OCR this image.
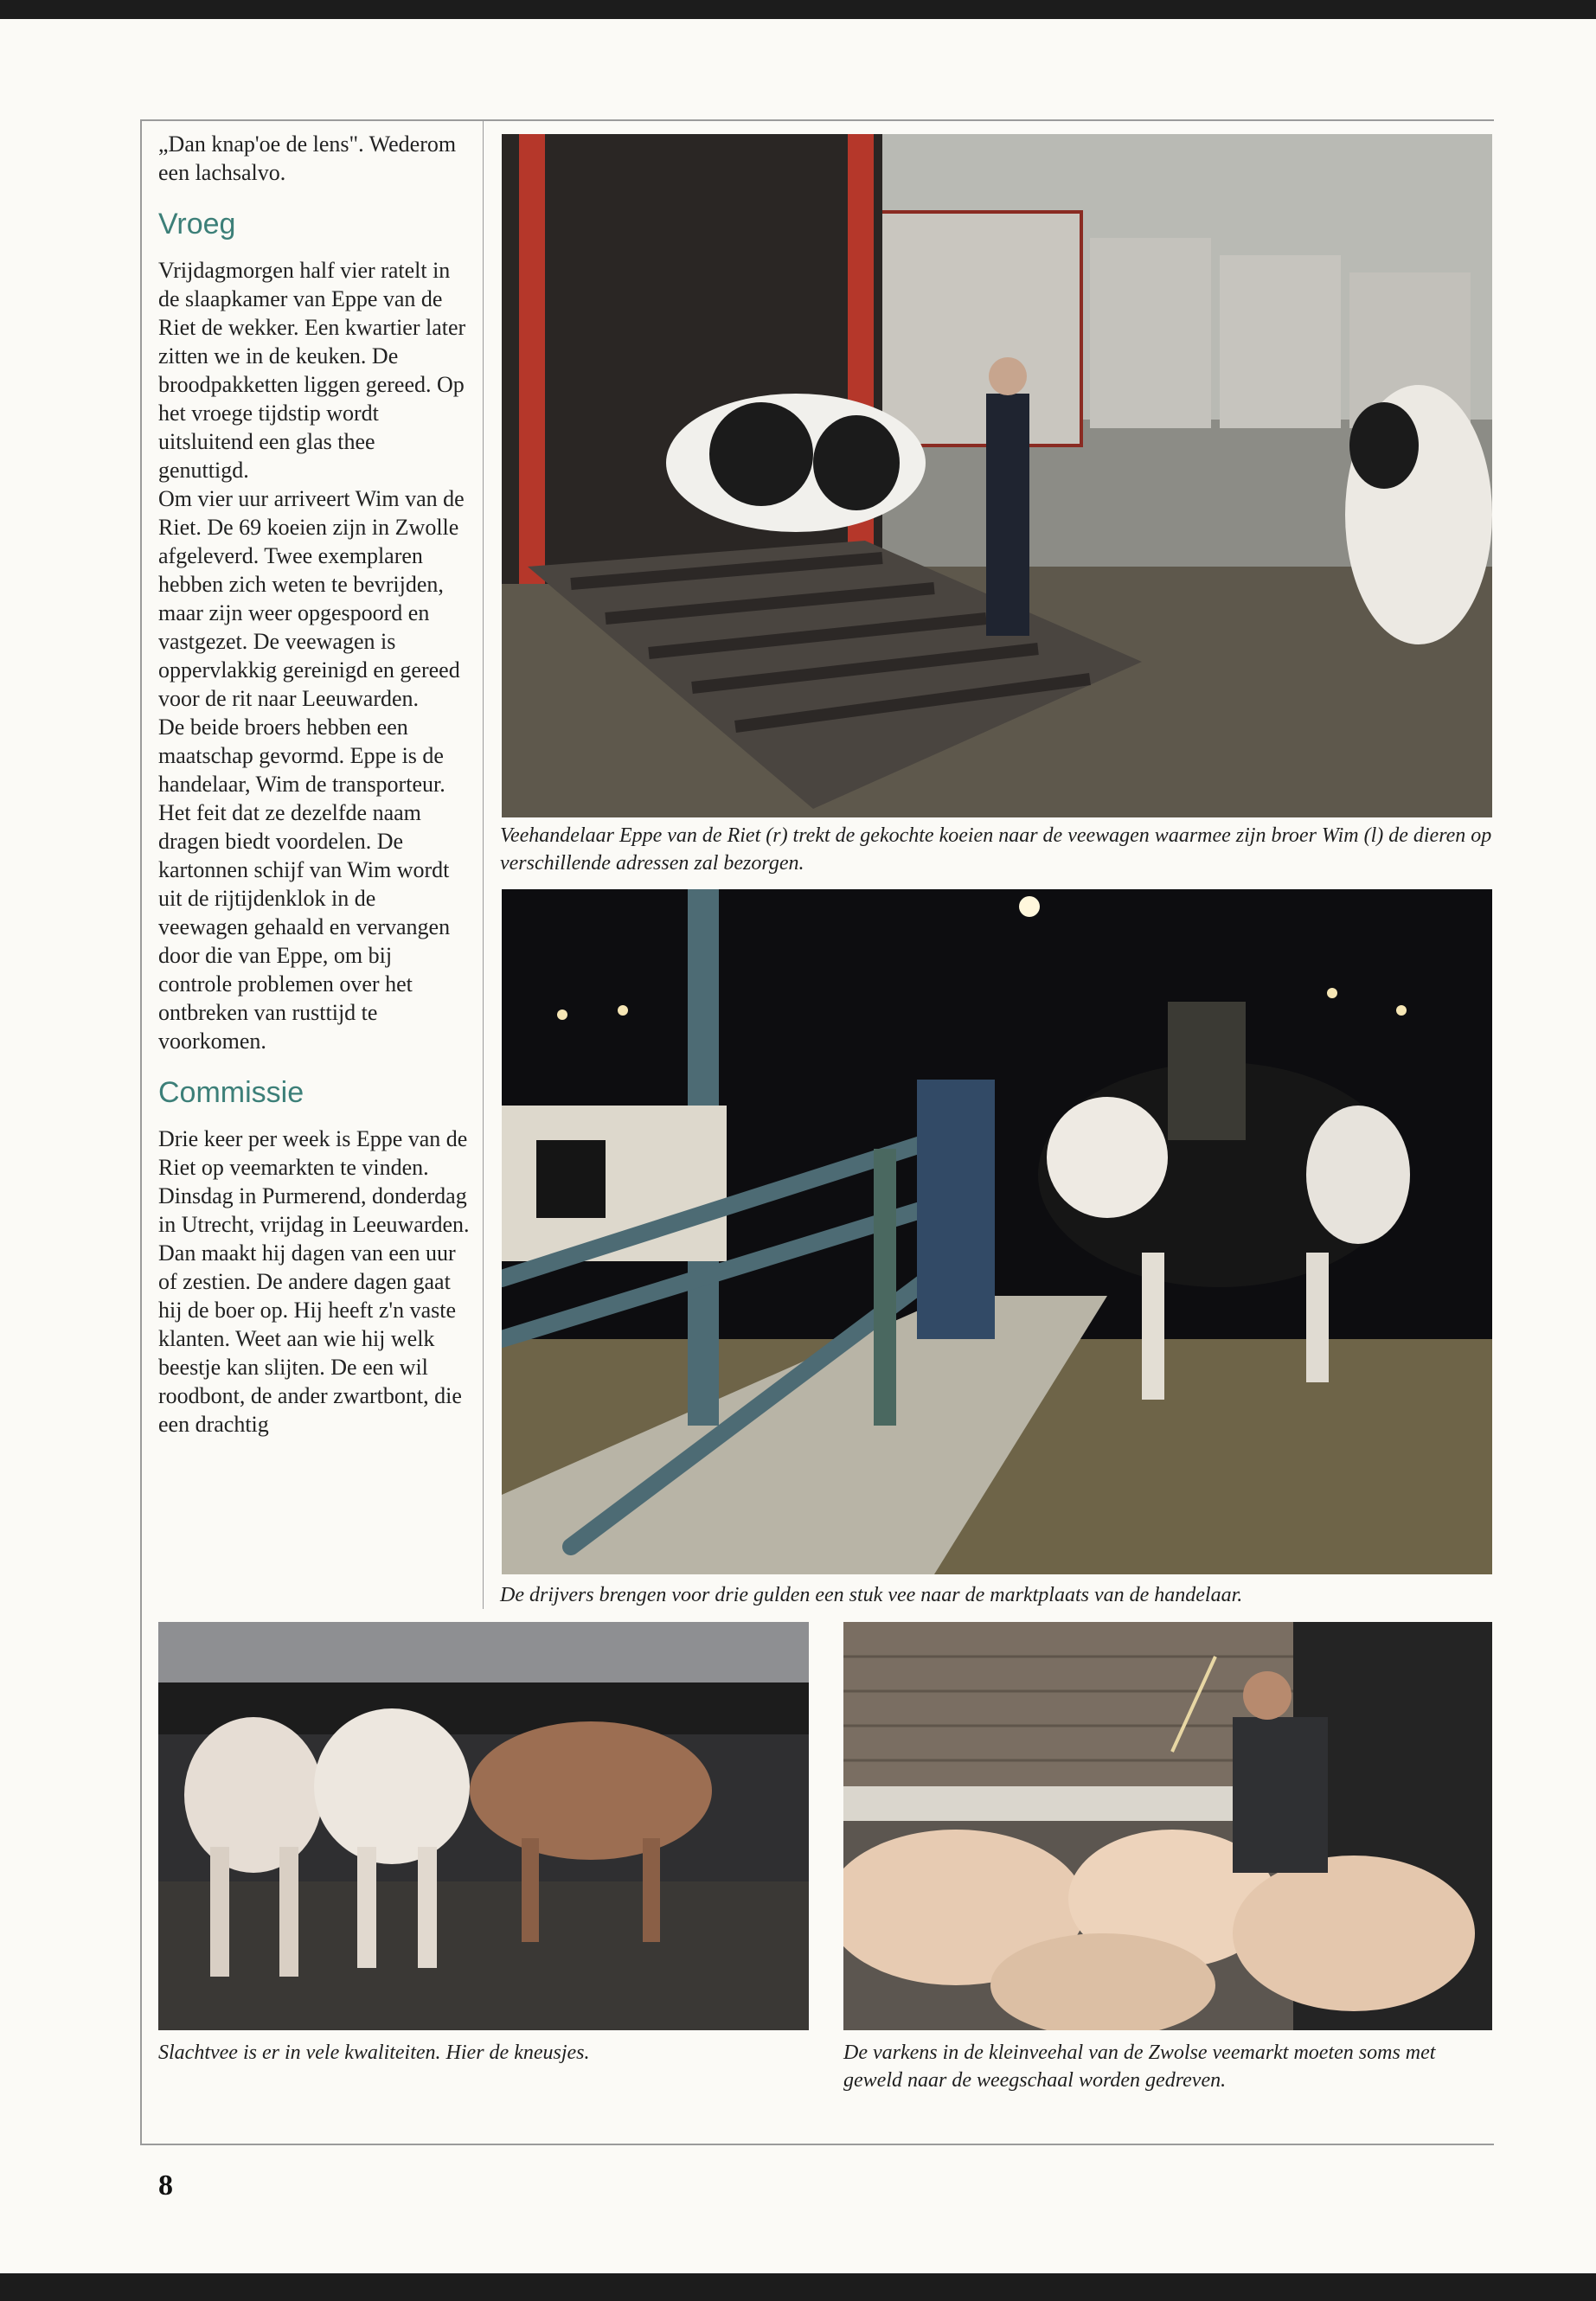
„Dan knap'oe de lens". Wederom een lachsalvo.

Vroeg

Vrijdagmorgen half vier ratelt in de slaapkamer van Eppe van de Riet de wekker. Een kwartier later zitten we in de keuken. De broodpakketten liggen gereed. Op het vroege tijdstip wordt uitsluitend een glas thee genuttigd.

Om vier uur arriveert Wim van de Riet. De 69 koeien zijn in Zwolle afgeleverd. Twee exemplaren hebben zich weten te bevrijden, maar zijn weer opgespoord en vastgezet. De veewagen is oppervlakkig gereinigd en gereed voor de rit naar Leeuwarden.

De beide broers hebben een maatschap gevormd. Eppe is de handelaar, Wim de transporteur. Het feit dat ze dezelfde naam dragen biedt voordelen. De kartonnen schijf van Wim wordt uit de rijtijdenklok in de veewagen gehaald en vervangen door die van Eppe, om bij controle problemen over het ontbreken van rusttijd te voorkomen.

Commissie

Drie keer per week is Eppe van de Riet op veemarkten te vinden. Dinsdag in Purmerend, donderdag in Utrecht, vrijdag in Leeuwarden. Dan maakt hij dagen van een uur of zestien. De andere dagen gaat hij de boer op. Hij heeft z'n vaste klanten. Weet aan wie hij welk beestje kan slijten. De een wil roodbont, de ander zwartbont, die een drachtig

Veehandelaar Eppe van de Riet (r) trekt de gekochte koeien naar de veewagen waarmee zijn broer Wim (l) de dieren op verschillende adressen zal bezorgen.
De drijvers brengen voor drie gulden een stuk vee naar de marktplaats van de handelaar.
Slachtvee is er in vele kwaliteiten. Hier de kneusjes.	De varkens in de kleinveehal van de Zwolse veemarkt moeten soms met geweld naar de weegschaal worden gedreven.
8
